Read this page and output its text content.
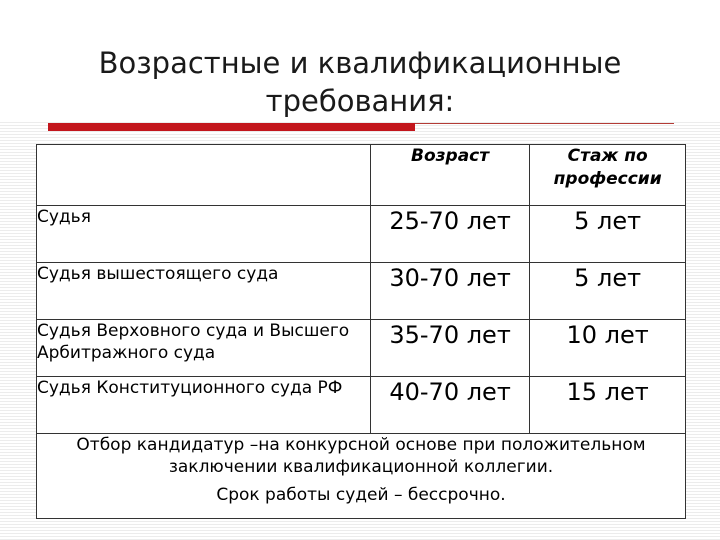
Возрастные и квалификационные требования:
	Возраст	Стаж по профессии
Судья	25-70 лет	5 лет
Судья вышестоящего суда	30-70 лет	5 лет
Судья Верховного суда и Высшего Арбитражного суда	35-70 лет	10 лет
Судья Конституционного суда РФ	40-70 лет	15 лет

Отбор кандидатур –на конкурсной основе при положительном заключении квалификационной коллегии.

Срок работы судей – бессрочно.		
